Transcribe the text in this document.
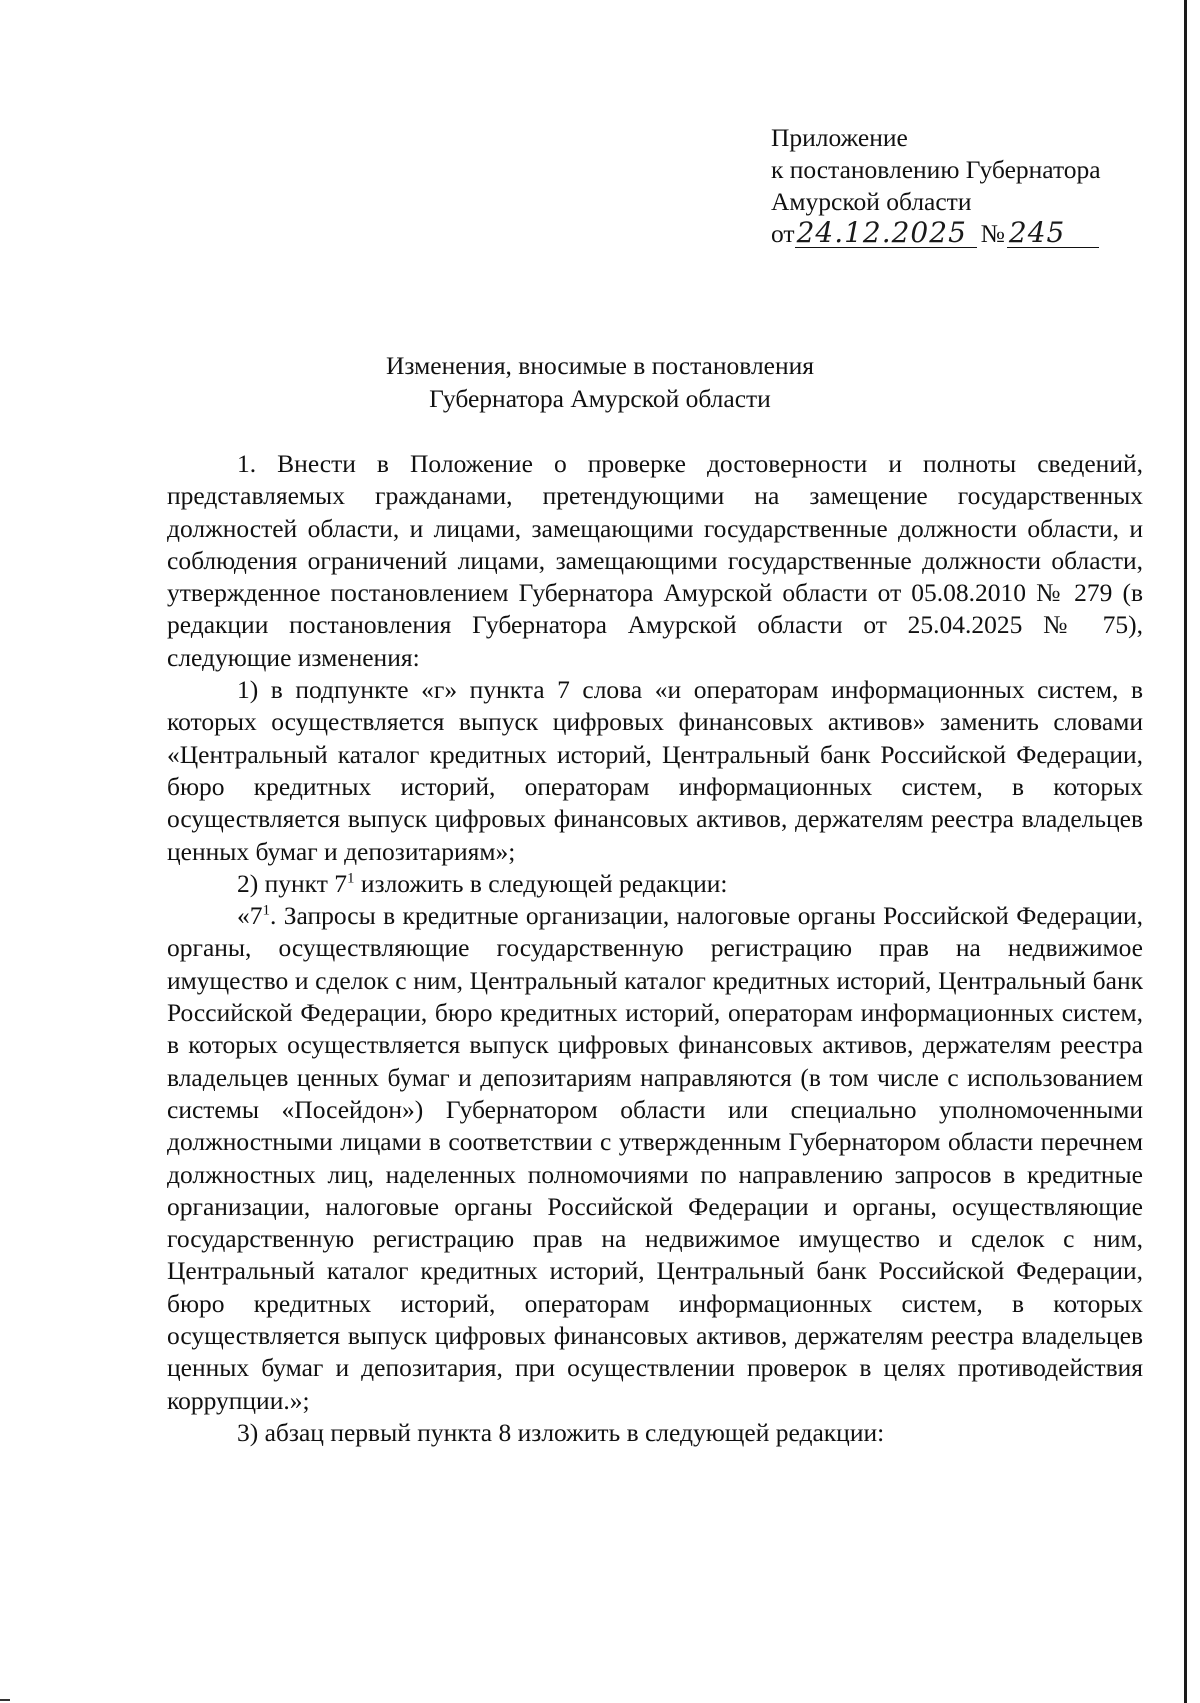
Приложение
к постановлению Губернатора
Амурской области
от24.12.2025 № 245
Изменения, вносимые в постановления
Губернатора Амурской области

1. Внести в Положение о проверке достоверности и полноты сведений, представляемых гражданами, претендующими на замещение государственных должностей области, и лицами, замещающими государственные должности области, и соблюдения ограничений лицами, замещающими государственные должности области, утвержденное постановлением Губернатора Амурской области от 05.08.2010 № 279 (в редакции постановления Губернатора Амурской области от 25.04.2025 № 75), следующие изменения:

1) в подпункте «г» пункта 7 слова «и операторам информационных систем, в которых осуществляется выпуск цифровых финансовых активов» заменить словами «Центральный каталог кредитных историй, Центральный банк Российской Федерации, бюро кредитных историй, операторам информационных систем, в которых осуществляется выпуск цифровых финансовых активов, держателям реестра владельцев ценных бумаг и депозитариям»;

2) пункт $7^1$ изложить в следующей редакции:

«$7^1$. Запросы в кредитные организации, налоговые органы Российской Федерации, органы, осуществляющие государственную регистрацию прав на недвижимое имущество и сделок с ним, Центральный каталог кредитных историй, Центральный банк Российской Федерации, бюро кредитных историй, операторам информационных систем, в которых осуществляется выпуск цифровых финансовых активов, держателям реестра владельцев ценных бумаг и депозитариям направляются (в том числе с использованием системы «Посейдон») Губернатором области или специально уполномоченными должностными лицами в соответствии с утвержденным Губернатором области перечнем должностных лиц, наделенных полномочиями по направлению запросов в кредитные организации, налоговые органы Российской Федерации и органы, осуществляющие государственную регистрацию прав на недвижимое имущество и сделок с ним, Центральный каталог кредитных историй, Центральный банк Российской Федерации, бюро кредитных историй, операторам информационных систем, в которых осуществляется выпуск цифровых финансовых активов, держателям реестра владельцев ценных бумаг и депозитария, при осуществлении проверок в целях противодействия коррупции.»;

3) абзац первый пункта 8 изложить в следующей редакции:
